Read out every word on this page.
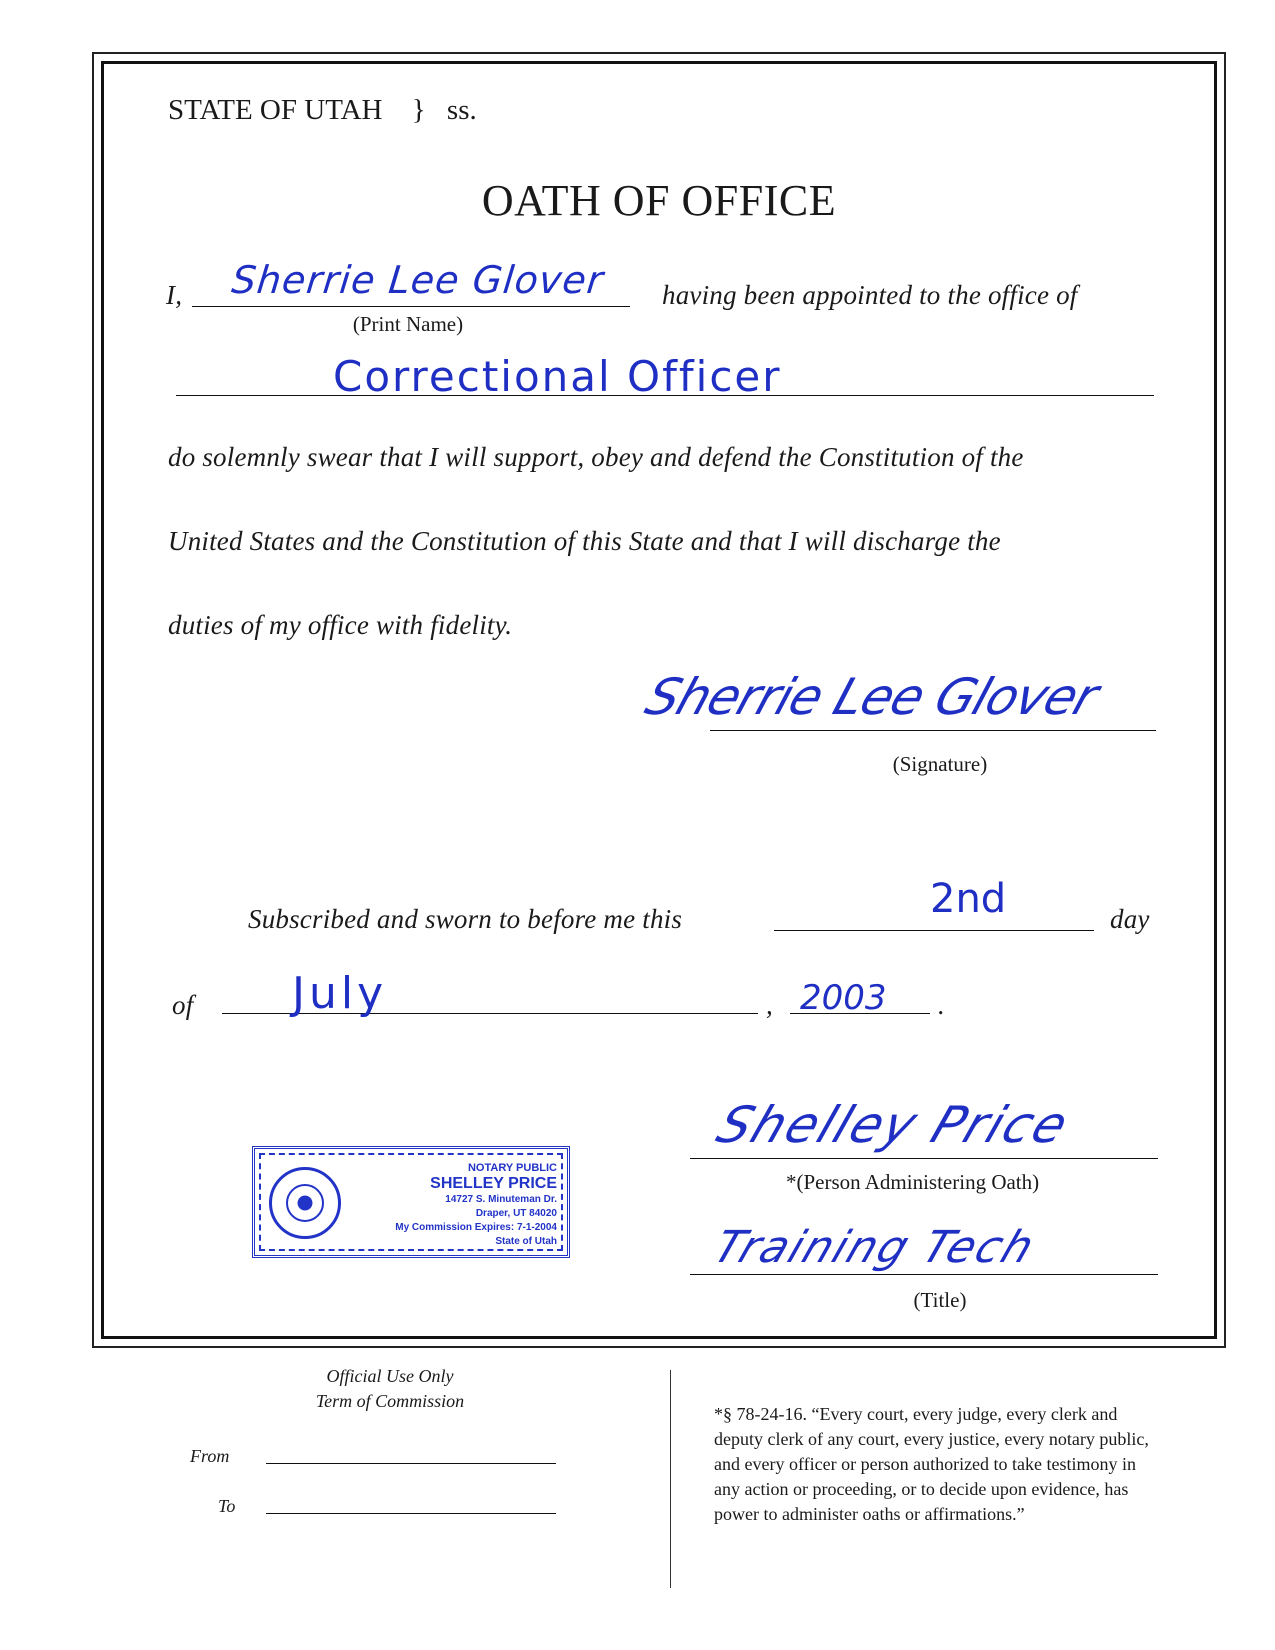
STATE OF UTAH } ss.
OATH OF OFFICE
I, Sherrie Lee Glover
(Print Name)
having been appointed to the office of
Correctional Officer
do solemnly swear that I will support, obey and defend the Constitution of the
United States and the Constitution of this State and that I will discharge the
duties of my office with fidelity.
Sherrie Lee Glover
(Signature)
Subscribed and sworn to before me this	2nd	day
of July	, 2003 .
NOTARY PUBLIC
SHELLEY PRICE
14727 S. Minuteman Dr.
Draper, UT 84020
My Commission Expires: 7-1-2004
State of Utah
Shelley Price
*(Person Administering Oath)
Training Tech
(Title)
Official Use Only
Term of Commission
From
To
*§ 78-24-16. “Every court, every judge, every clerk and
deputy clerk of any court, every justice, every notary public,
and every officer or person authorized to take testimony in
any action or proceeding, or to decide upon evidence, has
power to administer oaths or affirmations.”
